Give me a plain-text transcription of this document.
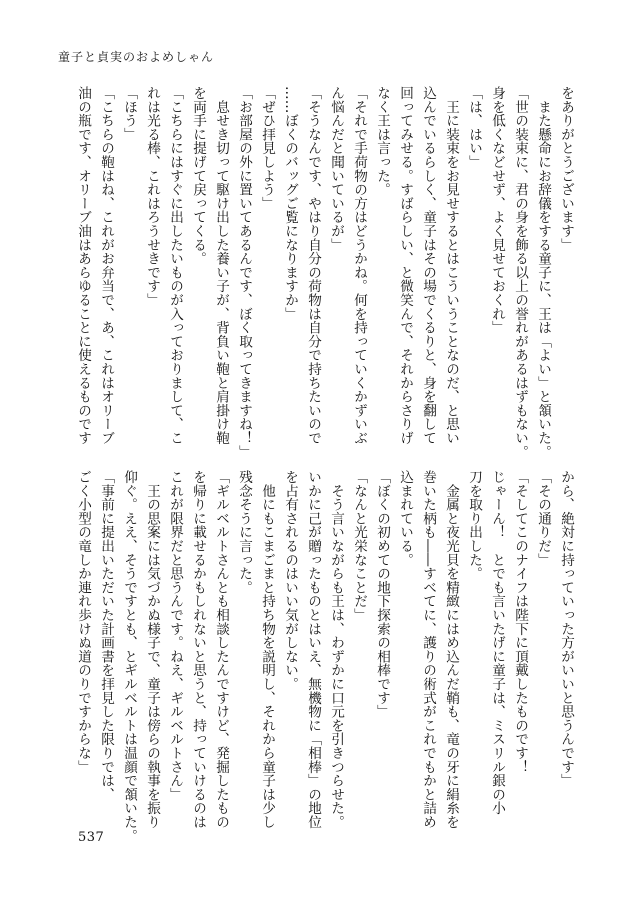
童子と貞実のおよめしゃん
をありがとうございます」
　また懸命にお辞儀をする童子に、王は「よい」と頷いた。
「世の装束に、君の身を飾る以上の誉れがあるはずもない。
身を低くなどせず、よく見せておくれ」
「は、はい」
　王に装束をお見せするとはこういうことなのだ、と思い
込んでいるらしく、童子はその場でくるりと、身を翻して
回ってみせる。すばらしい、と微笑んで、それからさりげ
なく王は言った。
「それで手荷物の方はどうかね。何を持っていくかずいぶ
ん悩んだと聞いているが」
「そうなんです、やはり自分の荷物は自分で持ちたいので
……ぼくのバッグご覧になりますか」
「ぜひ拝見しよう」
「お部屋の外に置いてあるんです、ぼく取ってきますね！」
　息せき切って駆け出した養い子が、背負い鞄と肩掛け鞄
を両手に提げて戻ってくる。
「こちらにはすぐに出したいものが入っておりまして、こ
れは光る棒、これはろうせきです」
「ほう」
「こちらの鞄はね、これがお弁当で、あ、これはオリーブ
油の瓶です、オリーブ油はあらゆることに使えるものです
から、絶対に持っていった方がいいと思うんです」
「その通りだ」
「そしてこのナイフは陛下に頂戴したものです！
じゃーん！　とでも言いたげに童子は、ミスリル銀の小
刀を取り出した。
　金属と夜光貝を精緻にはめ込んだ鞘も、竜の牙に絹糸を
巻いた柄も――すべてに、護りの術式がこれでもかと詰め
込まれている。
「ぼくの初めての地下探索の相棒です」
「なんと光栄なことだ」
　そう言いながらも王は、わずかに口元を引きつらせた。
いかに己が贈ったものとはいえ、無機物に「相棒」の地位
を占有されるのはいい気がしない。
　他にもこまごまと持ち物を説明し、それから童子は少し
残念そうに言った。
「ギルベルトさんとも相談したんですけど、発掘したもの
を帰りに載せるかもしれないと思うと、持っていけるのは
これが限界だと思うんです。ねえ、ギルベルトさん」
　王の思案には気づかぬ様子で、童子は傍らの執事を振り
仰ぐ。ええ、そうですとも、とギルベルトは温顔で頷いた。
「事前に提出いただいた計画書を拝見した限りでは、
ごく小型の竜しか連れ歩けぬ道のりですからな」
537
